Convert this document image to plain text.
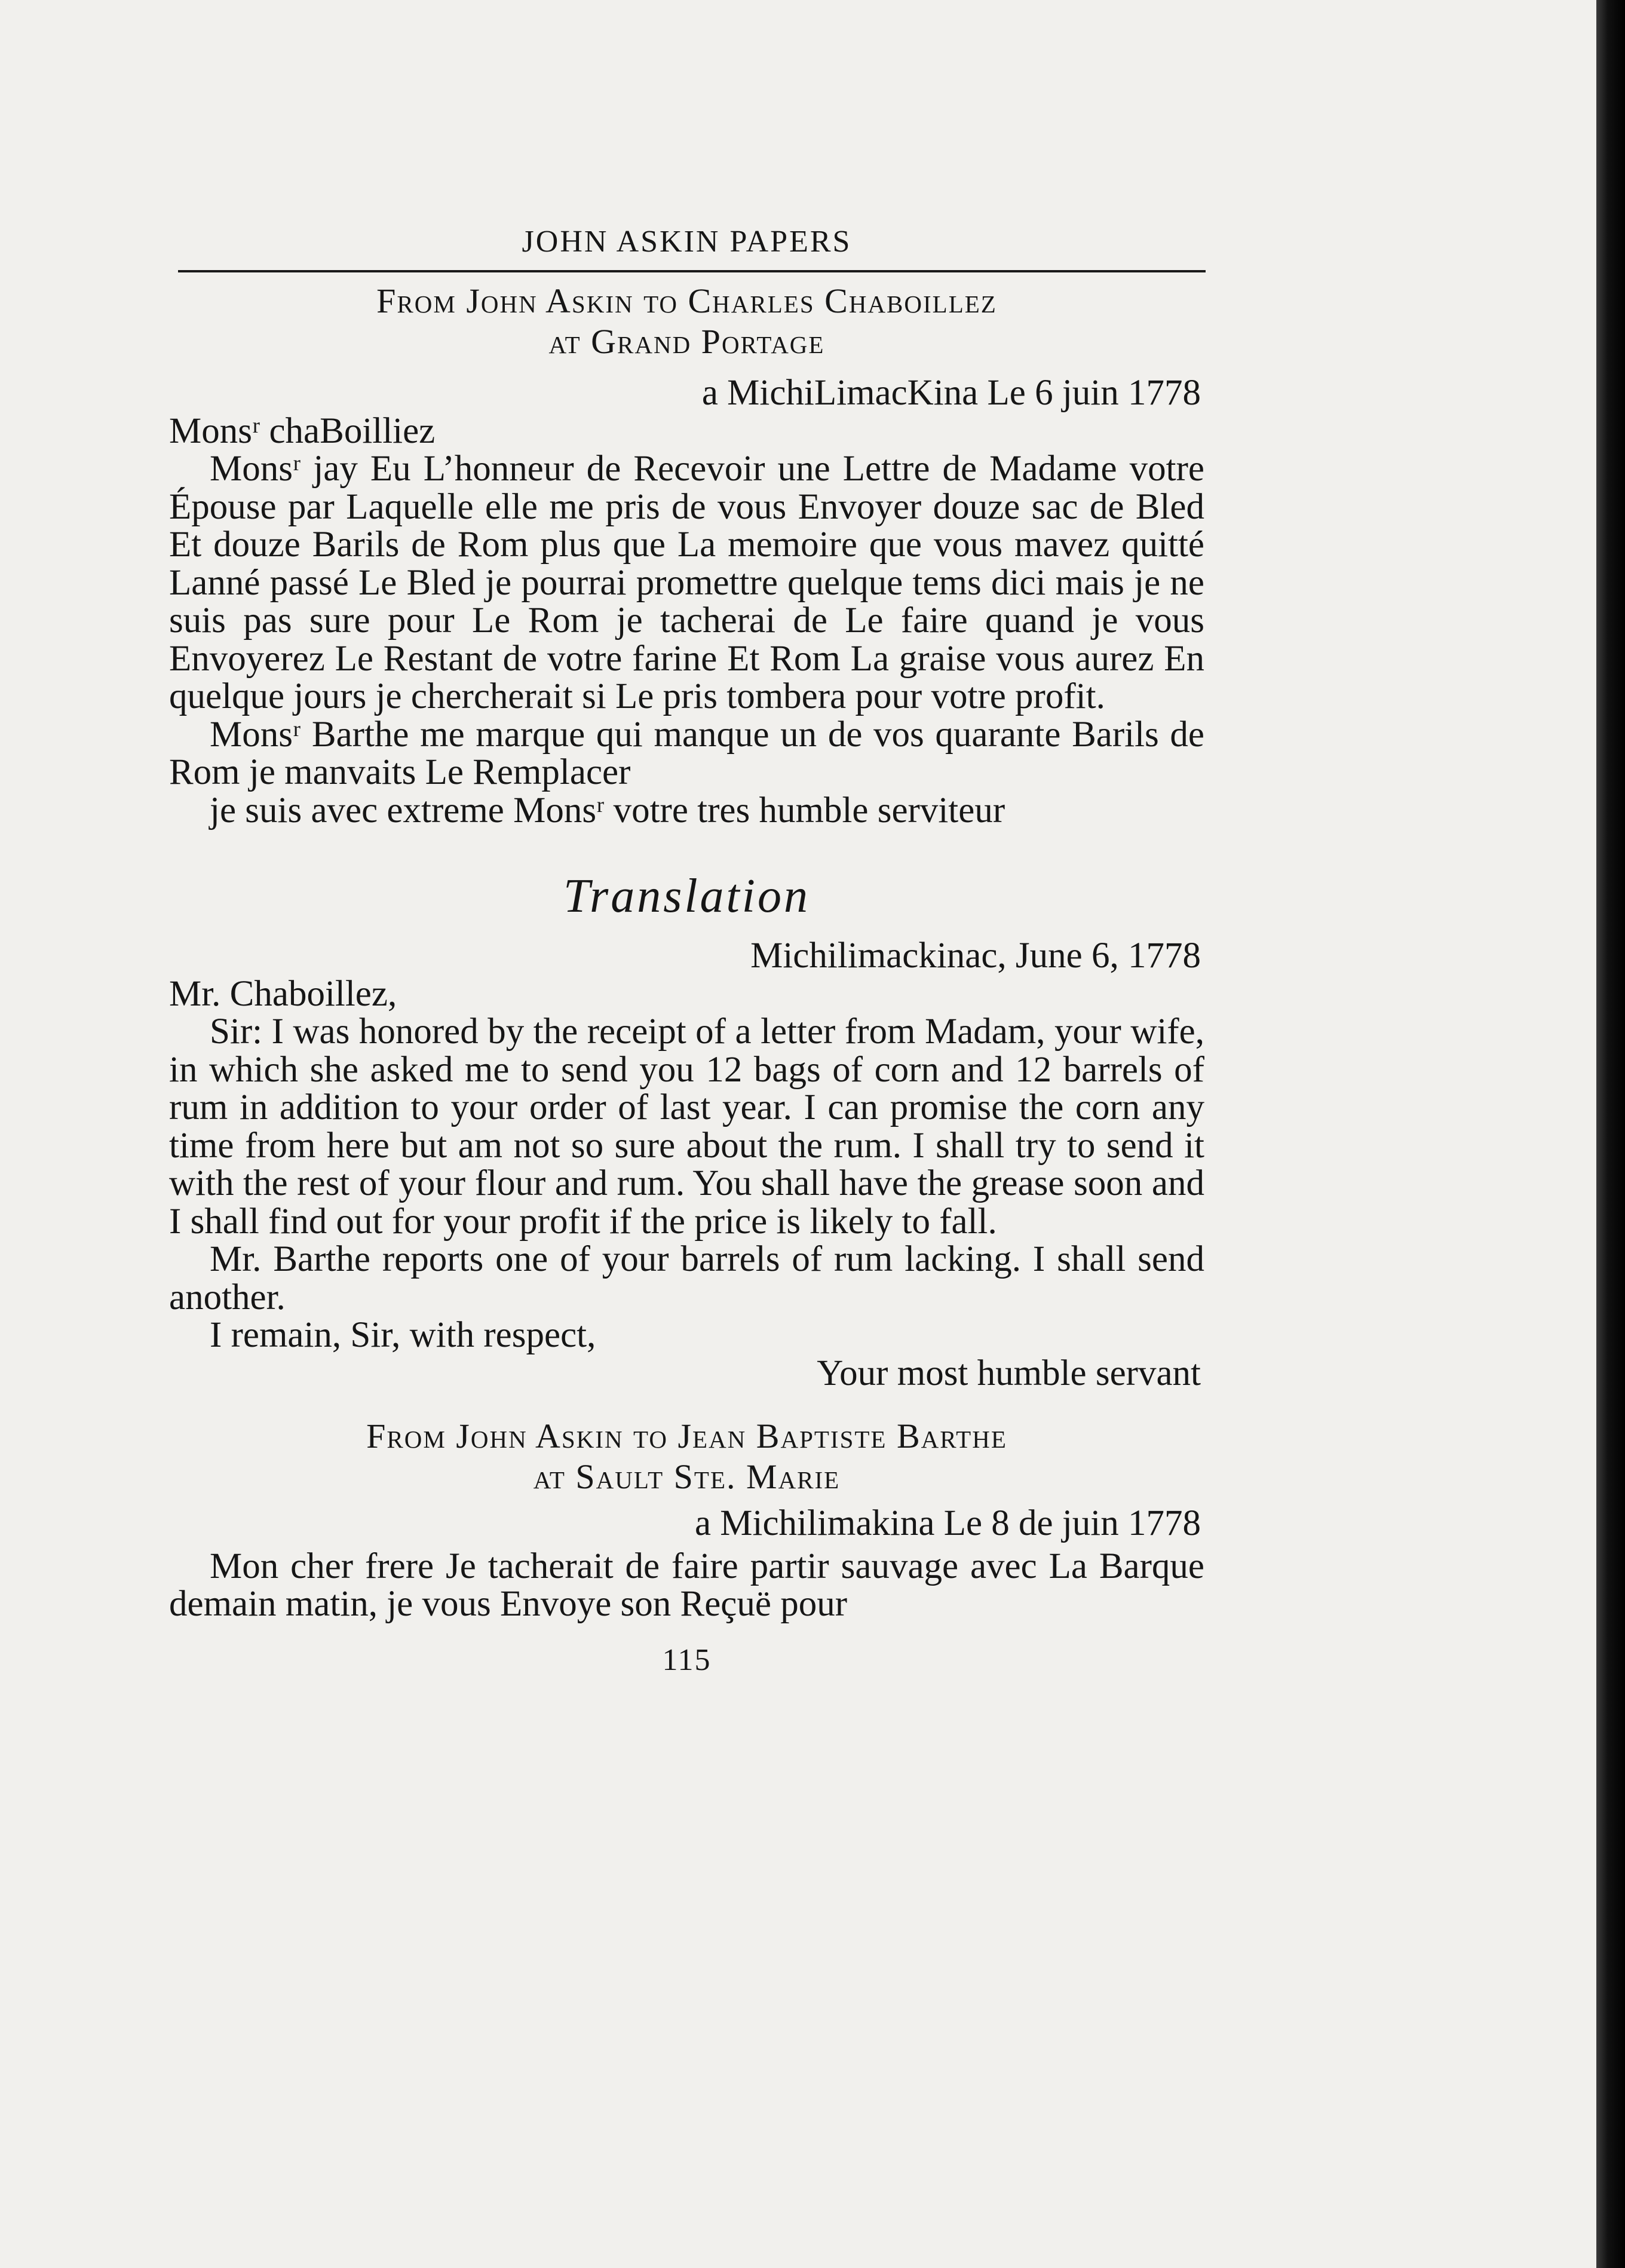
JOHN ASKIN PAPERS
From John Askin to Charles Chaboillez
at Grand Portage
a MichiLimacKina Le 6 juin 1778
Monsʳ chaBoilliez

Monsʳ jay Eu L’honneur de Recevoir une Lettre de Madame votre Épouse par Laquelle elle me pris de vous Envoyer douze sac de Bled Et douze Barils de Rom plus que La memoire que vous mavez quitté Lanné passé Le Bled je pourrai promettre quelque tems dici mais je ne suis pas sure pour Le Rom je tacherai de Le faire quand je vous Envoyerez Le Restant de votre farine Et Rom La graise vous aurez En quelque jours je chercherait si Le pris tombera pour votre profit.

Monsʳ Barthe me marque qui manque un de vos quarante Barils de Rom je manvaits Le Remplacer

je suis avec extreme Monsʳ votre tres humble serviteur
Translation
Michilimackinac, June 6, 1778
Mr. Chaboillez,

Sir: I was honored by the receipt of a letter from Madam, your wife, in which she asked me to send you 12 bags of corn and 12 barrels of rum in addition to your order of last year. I can promise the corn any time from here but am not so sure about the rum. I shall try to send it with the rest of your flour and rum. You shall have the grease soon and I shall find out for your profit if the price is likely to fall.

Mr. Barthe reports one of your barrels of rum lacking. I shall send another.

I remain, Sir, with respect,
Your most humble servant
From John Askin to Jean Baptiste Barthe
at Sault Ste. Marie
a Michilimakina Le 8 de juin 1778

Mon cher frere Je tacherait de faire partir sauvage avec La Barque demain matin, je vous Envoye son Reçuë pour

115
